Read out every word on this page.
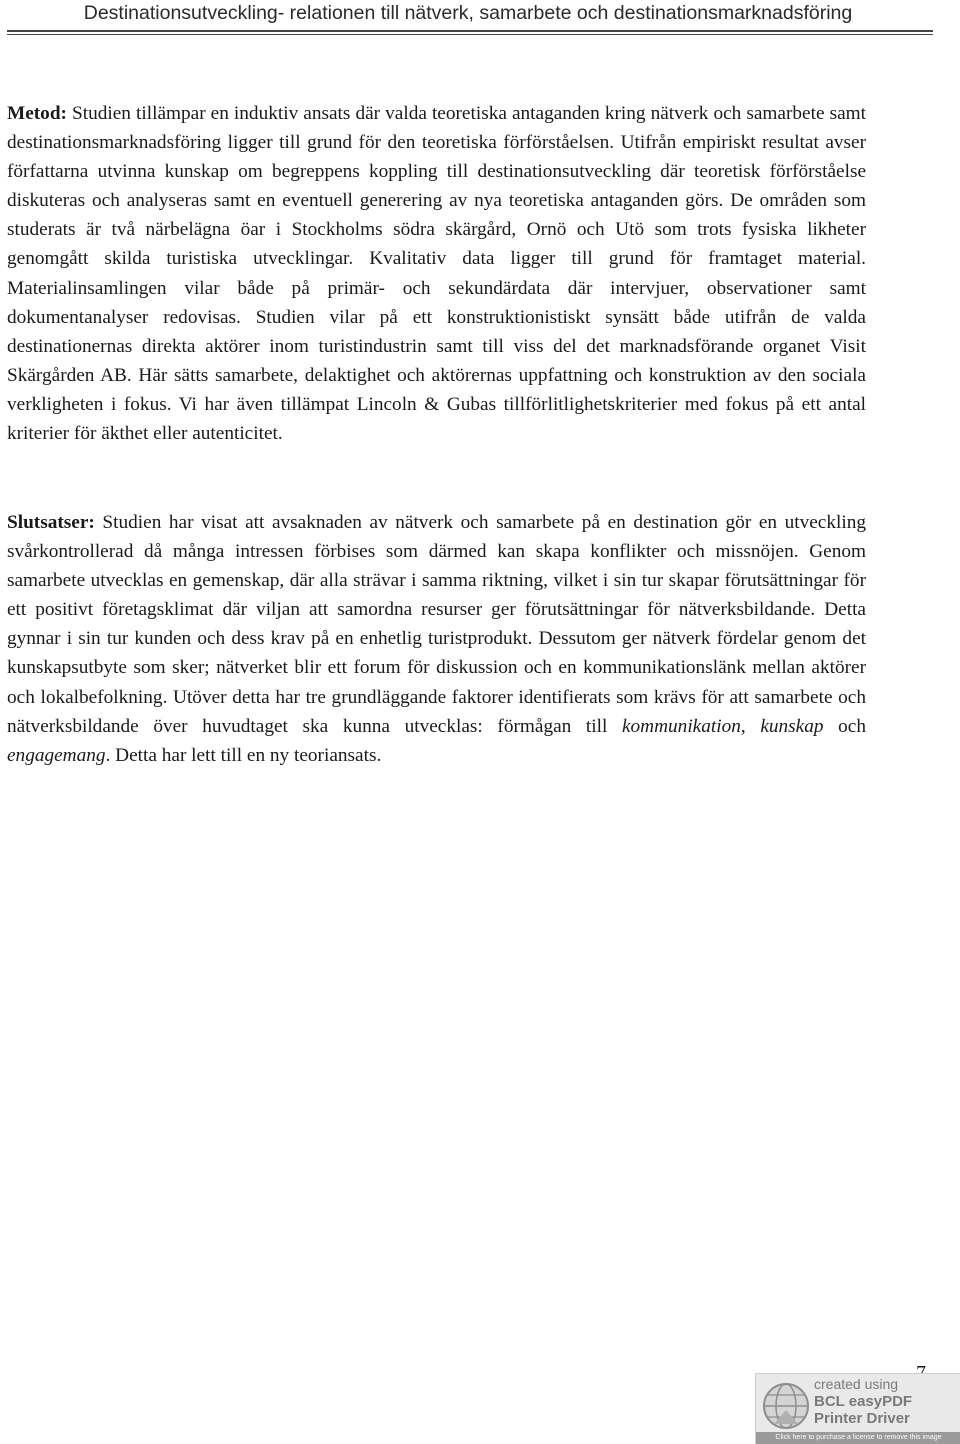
Destinationsutveckling- relationen till nätverk, samarbete och destinationsmarknadsföring

Metod: Studien tillämpar en induktiv ansats där valda teoretiska antaganden kring nätverk och samarbete samt destinationsmarknadsföring ligger till grund för den teoretiska förförståelsen. Utifrån empiriskt resultat avser författarna utvinna kunskap om begreppens koppling till destinationsutveckling där teoretisk förförståelse diskuteras och analyseras samt en eventuell generering av nya teoretiska antaganden görs. De områden som studerats är två närbelägna öar i Stockholms södra skärgård, Ornö och Utö som trots fysiska likheter genomgått skilda turistiska utvecklingar. Kvalitativ data ligger till grund för framtaget material. Materialinsamlingen vilar både på primär- och sekundärdata där intervjuer, observationer samt dokumentanalyser redovisas. Studien vilar på ett konstruktionistiskt synsätt både utifrån de valda destinationernas direkta aktörer inom turistindustrin samt till viss del det marknadsförande organet Visit Skärgården AB. Här sätts samarbete, delaktighet och aktörernas uppfattning och konstruktion av den sociala verkligheten i fokus. Vi har även tillämpat Lincoln & Gubas tillförlitlighetskriterier med fokus på ett antal kriterier för äkthet eller autenticitet.

Slutsatser: Studien har visat att avsaknaden av nätverk och samarbete på en destination gör en utveckling svårkontrollerad då många intressen förbises som därmed kan skapa konflikter och missnöjen. Genom samarbete utvecklas en gemenskap, där alla strävar i samma riktning, vilket i sin tur skapar förutsättningar för ett positivt företagsklimat där viljan att samordna resurser ger förutsättningar för nätverksbildande. Detta gynnar i sin tur kunden och dess krav på en enhetlig turistprodukt. Dessutom ger nätverk fördelar genom det kunskapsutbyte som sker; nätverket blir ett forum för diskussion och en kommunikationslänk mellan aktörer och lokalbefolkning. Utöver detta har tre grundläggande faktorer identifierats som krävs för att samarbete och nätverksbildande över huvudtaget ska kunna utvecklas: förmågan till kommunikation, kunskap och engagemang. Detta har lett till en ny teoriansats.

created using
BCL easyPDF
Printer Driver
Click here to purchase a license to remove this image
